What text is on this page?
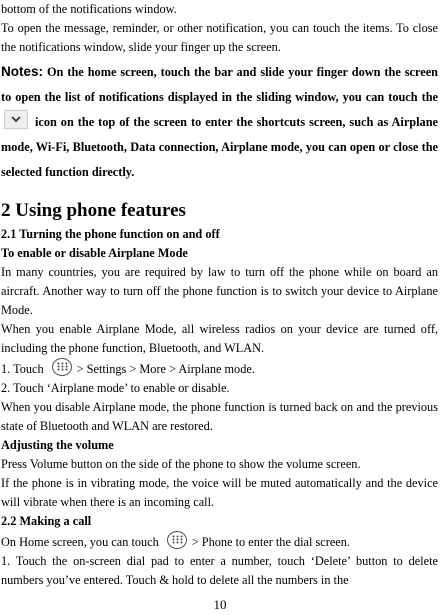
bottom of the notifications window.

To open the message, reminder, or other notification, you can touch the items. To close the notifications window, slide your finger up the screen.

Notes: On the home screen, touch the bar and slide your finger down the screen to open the list of notifications displayed in the sliding window, you can touch the
icon on the top of the screen to enter the shortcuts screen, such as Airplane mode, Wi-Fi, Bluetooth, Data connection, Airplane mode, you can open or close the selected function directly.

2 Using phone features

2.1 Turning the phone function on and off

To enable or disable Airplane Mode

In many countries, you are required by law to turn off the phone while on board an aircraft. Another way to turn off the phone function is to switch your device to Airplane Mode.

When you enable Airplane Mode, all wireless radios on your device are turned off, including the phone function, Bluetooth, and WLAN.

1. Touch	> Settings > More > Airplane mode.

2. Touch ‘Airplane mode’ to enable or disable.

When you disable Airplane mode, the phone function is turned back on and the previous state of Bluetooth and WLAN are restored.

Adjusting the volume

Press Volume button on the side of the phone to show the volume screen.

If the phone is in vibrating mode, the voice will be muted automatically and the device will vibrate when there is an incoming call.

2.2 Making a call

On Home screen, you can touch	> Phone to enter the dial screen.

1. Touch the on-screen dial pad to enter a number, touch ‘Delete’ button to delete numbers you’ve entered. Touch & hold to delete all the numbers in the

10
